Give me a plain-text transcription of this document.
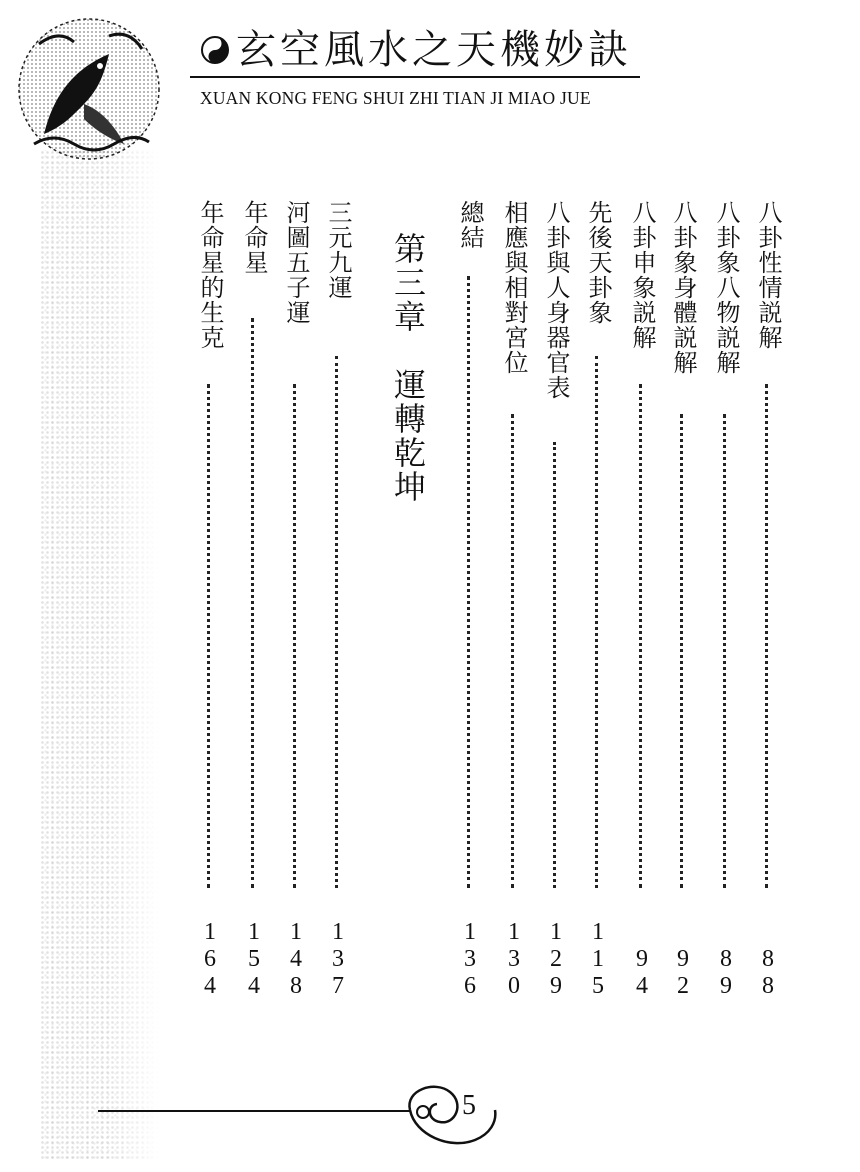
玄空風水之天機妙訣
XUAN KONG FENG SHUI ZHI TIAN JI MIAO JUE
八卦性情説解
8
8
八卦象八物説解
8
9
八卦象身體説解
9
2
八卦申象説解
9
4
先後天卦象
1
1
5
八卦與人身器官表
1
2
9
相應與相對宮位
1
3
0
總結
1
3
6
第三章　運轉乾坤
三元九運
1
3
7
河圖五子運
1
4
8
年命星
1
5
4
年命星的生克
1
6
4
5
